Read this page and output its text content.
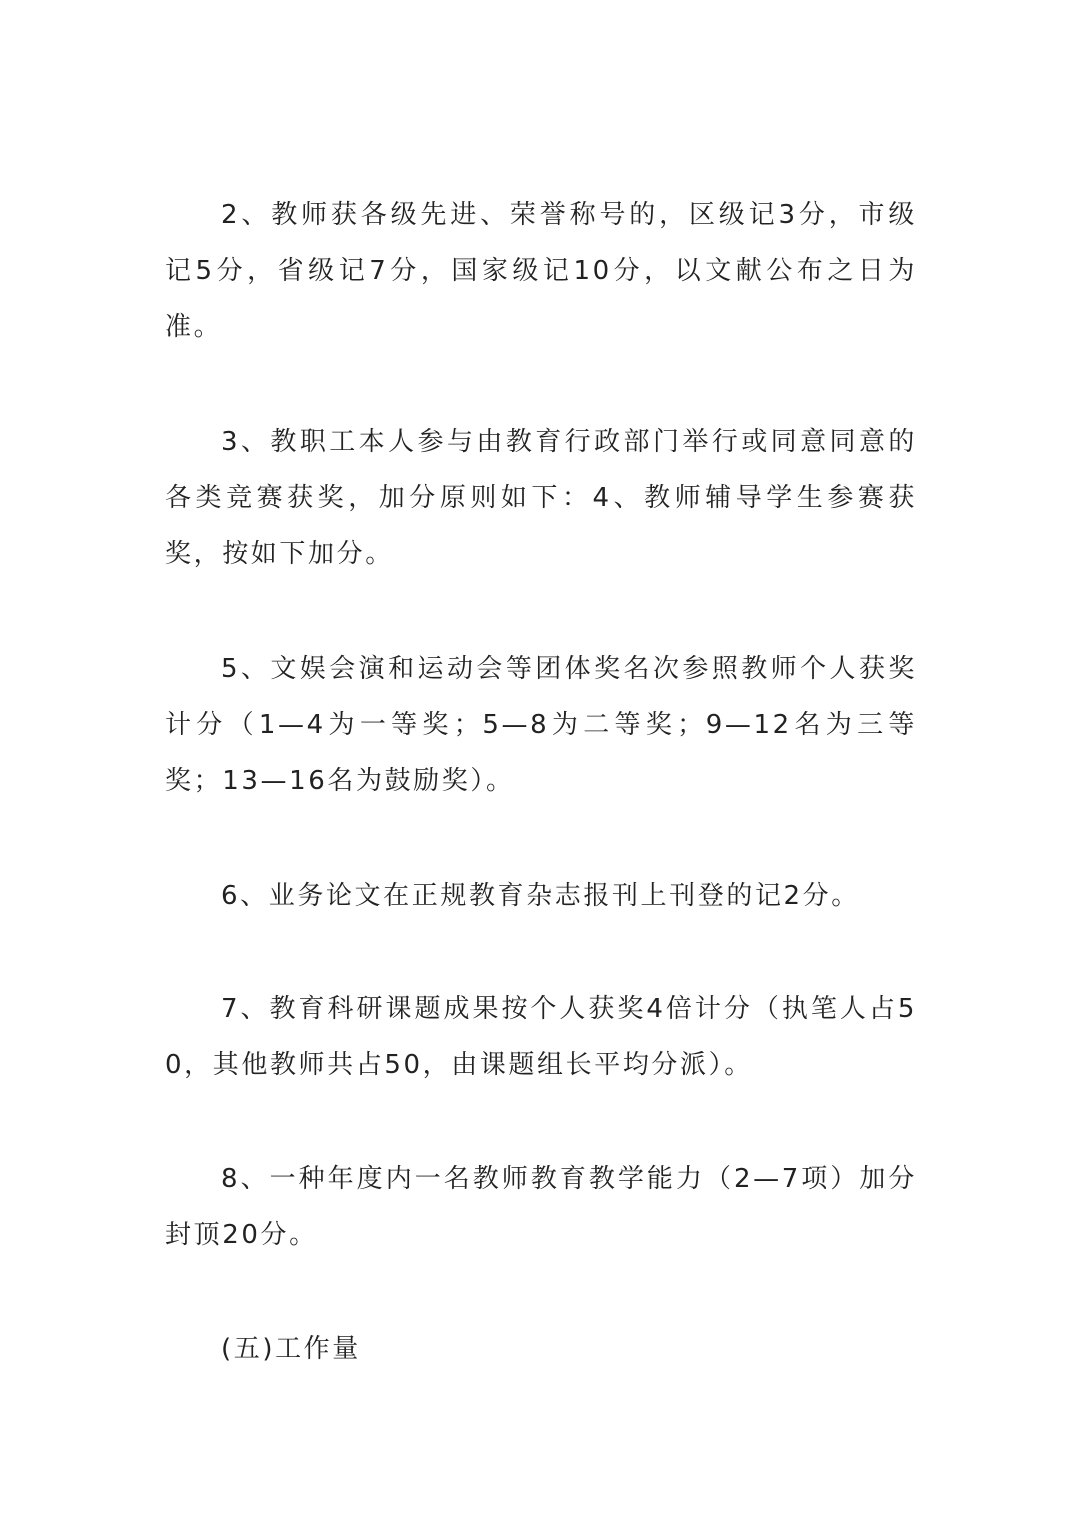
2、教师获各级先进、荣誉称号的，区级记3分，市级记5分，省级记7分，国家级记10分，以文献公布之日为准。

3、教职工本人参与由教育行政部门举行或同意同意的各类竞赛获奖，加分原则如下：4、教师辅导学生参赛获奖，按如下加分。

5、文娱会演和运动会等团体奖名次参照教师个人获奖计分（1—4为一等奖；5—8为二等奖；9—12名为三等奖；13—16名为鼓励奖）。

6、业务论文在正规教育杂志报刊上刊登的记2分。

7、教育科研课题成果按个人获奖4倍计分（执笔人占50，其他教师共占50，由课题组长平均分派）。

8、一种年度内一名教师教育教学能力（2—7项）加分封顶20分。

(五)工作量
